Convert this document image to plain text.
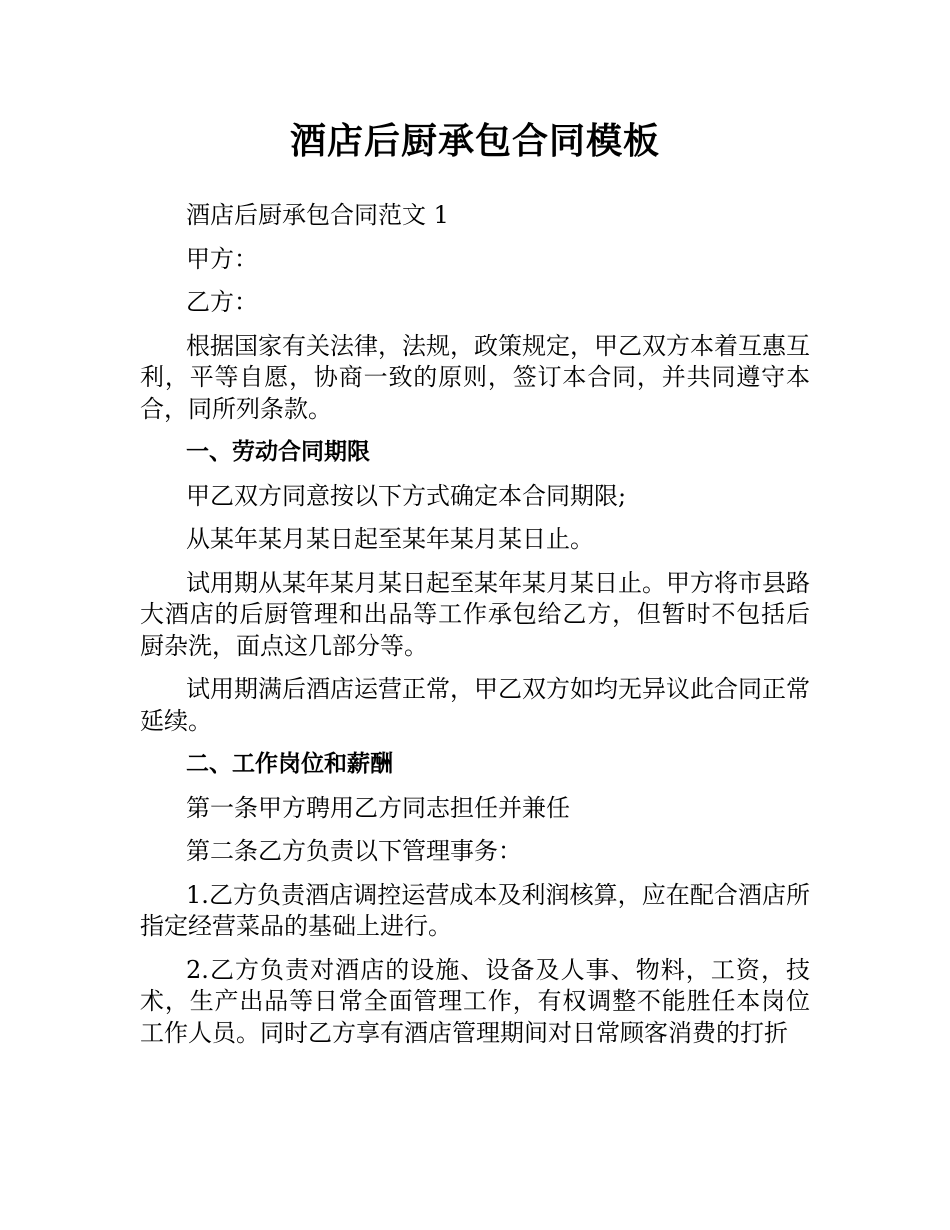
酒店后厨承包合同模板

酒店后厨承包合同范文 1

甲方：

乙方：

根据国家有关法律，法规，政策规定，甲乙双方本着互惠互利，平等自愿，协商一致的原则，签订本合同，并共同遵守本合，同所列条款。

一、劳动合同期限

甲乙双方同意按以下方式确定本合同期限;

从某年某月某日起至某年某月某日止。

试用期从某年某月某日起至某年某月某日止。甲方将市县路大酒店的后厨管理和出品等工作承包给乙方，但暂时不包括后厨杂洗，面点这几部分等。

试用期满后酒店运营正常，甲乙双方如均无异议此合同正常延续。

二、工作岗位和薪酬

第一条甲方聘用乙方同志担任并兼任

第二条乙方负责以下管理事务：

1.乙方负责酒店调控运营成本及利润核算，应在配合酒店所指定经营菜品的基础上进行。

2.乙方负责对酒店的设施、设备及人事、物料，工资，技术，生产出品等日常全面管理工作，有权调整不能胜任本岗位工作人员。同时乙方享有酒店管理期间对日常顾客消费的打折
